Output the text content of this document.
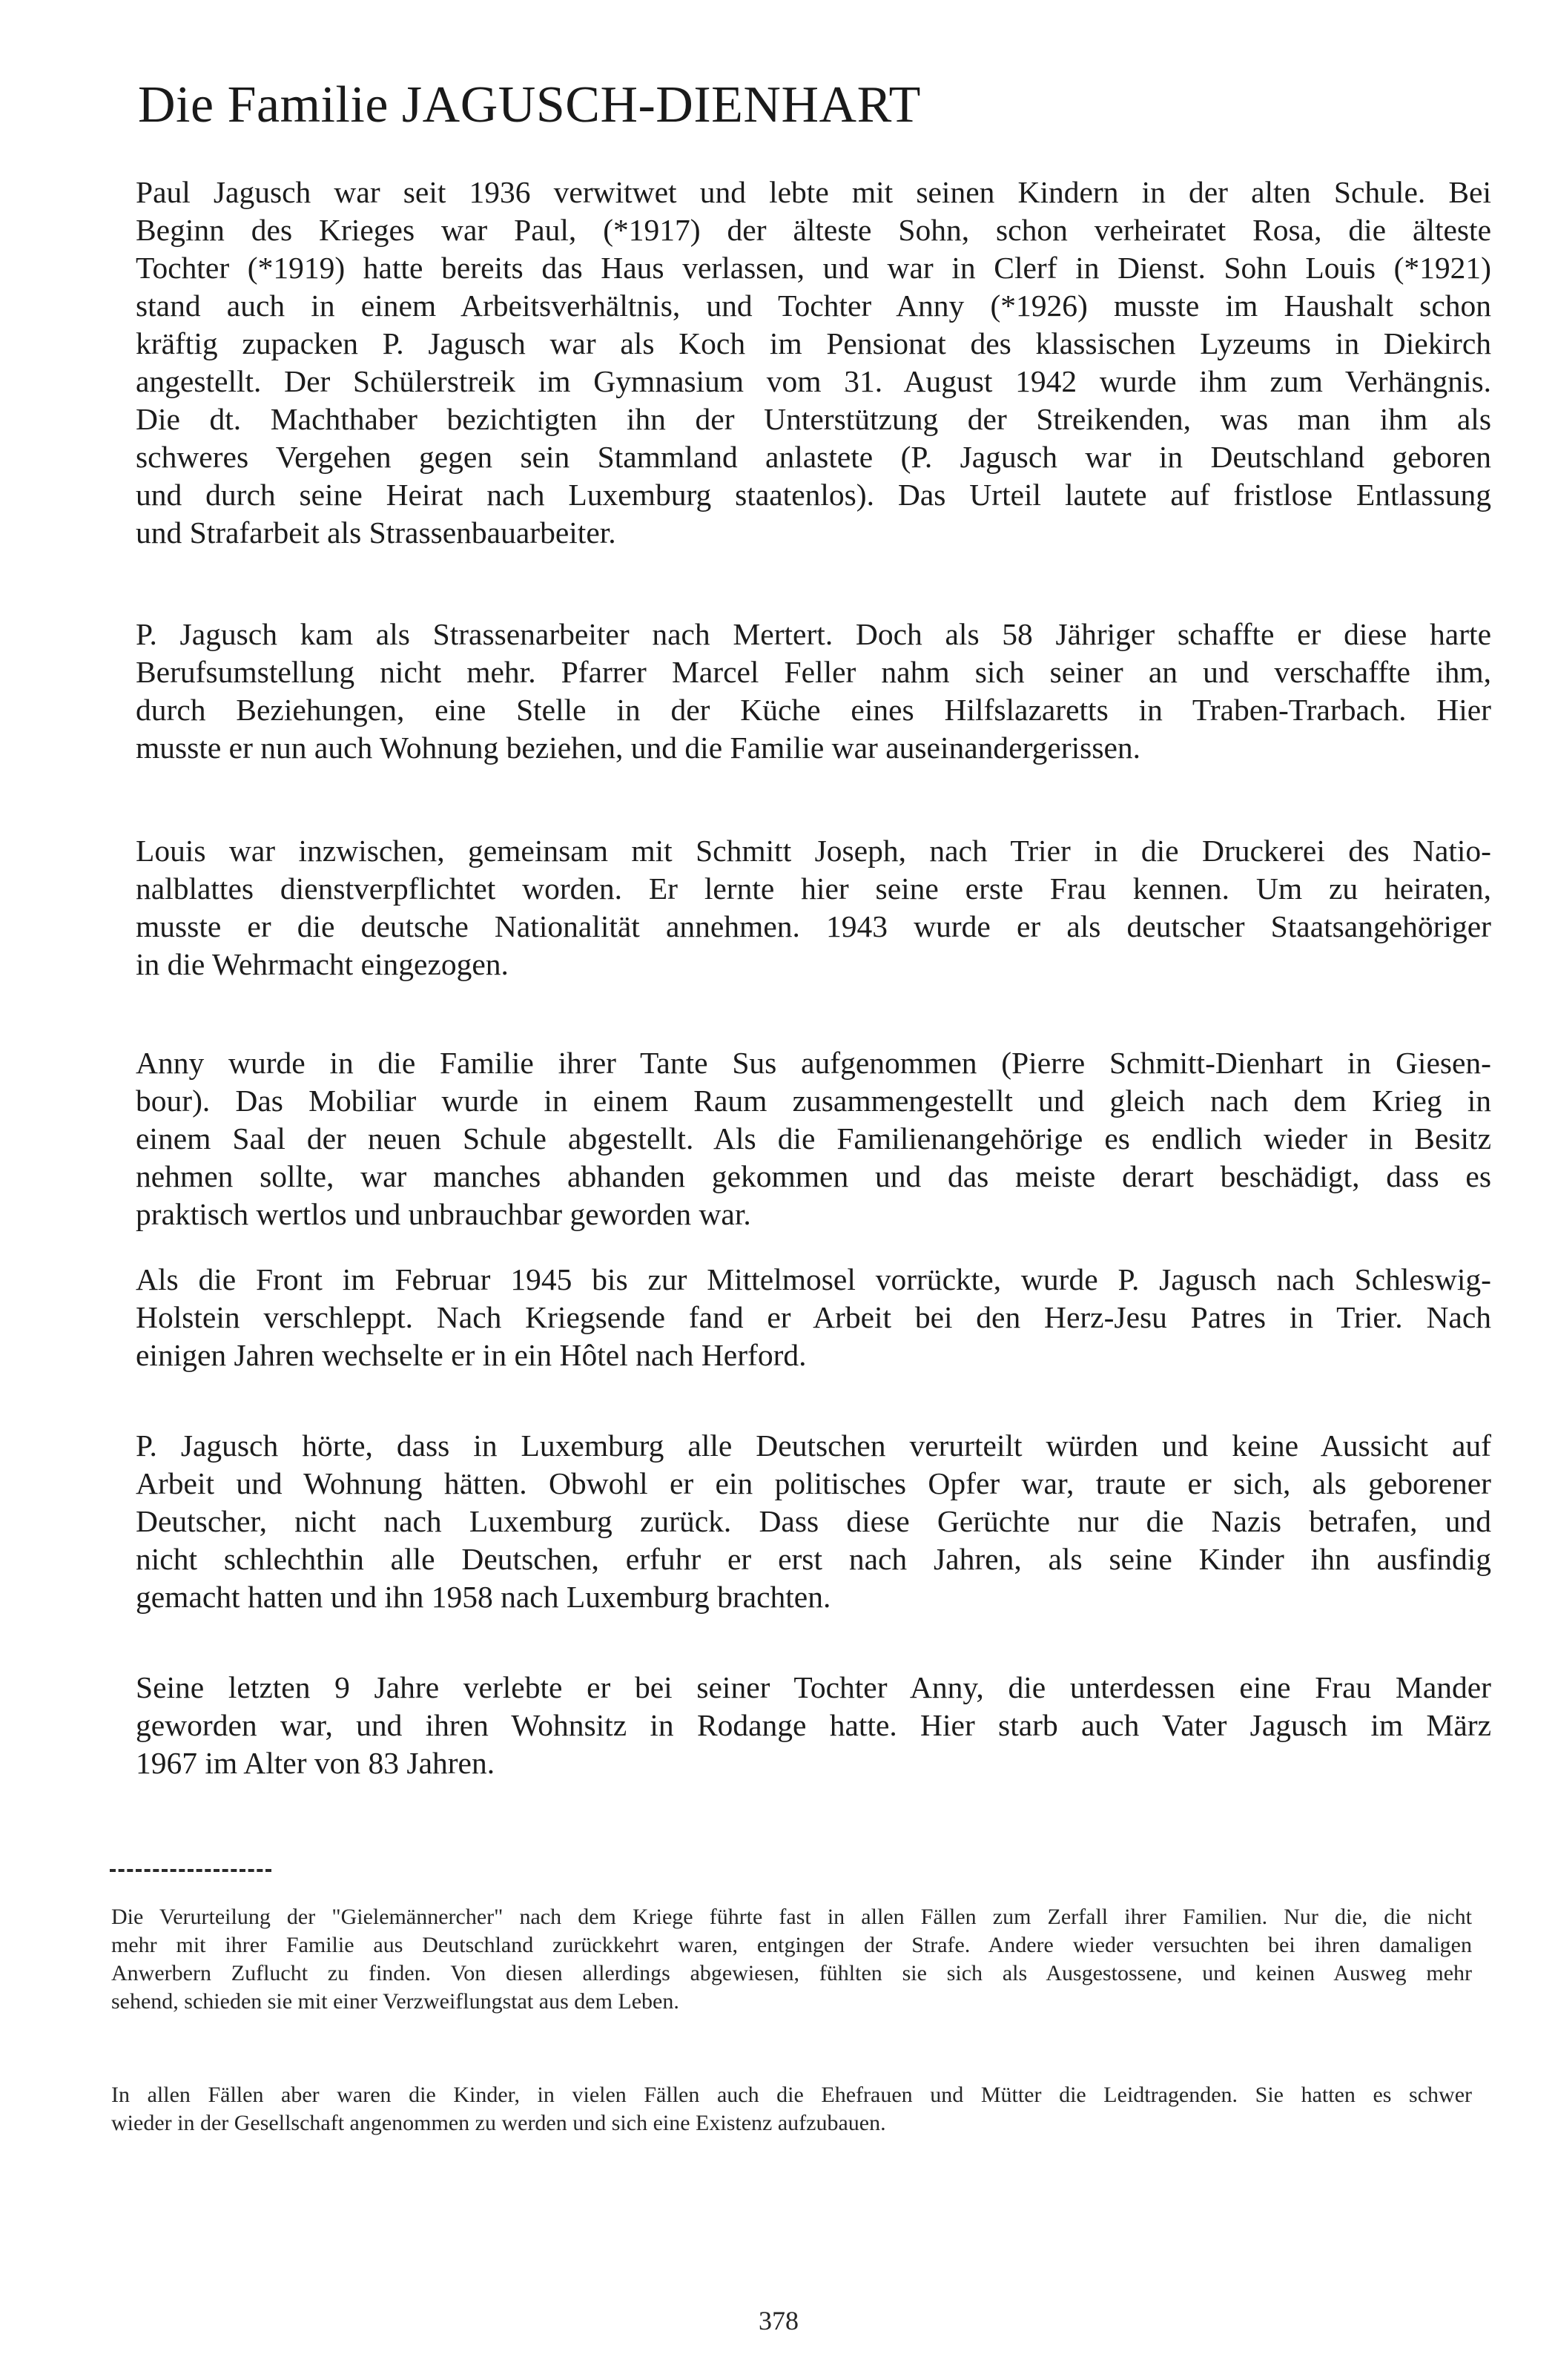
Die Familie JAGUSCH-DIENHART

Paul Jagusch war seit 1936 verwitwet und lebte mit seinen Kindern in der alten Schule. Bei
Beginn des Krieges war Paul, (*1917) der älteste Sohn, schon verheiratet Rosa, die älteste
Tochter (*1919) hatte bereits das Haus verlassen, und war in Clerf in Dienst. Sohn Louis (*1921)
stand auch in einem Arbeitsverhältnis, und Tochter Anny (*1926) musste im Haushalt schon
kräftig zupacken P. Jagusch war als Koch im Pensionat des klassischen Lyzeums in Diekirch
angestellt. Der Schülerstreik im Gymnasium vom 31. August 1942 wurde ihm zum Verhängnis.
Die dt. Machthaber bezichtigten ihn der Unterstützung der Streikenden, was man ihm als
schweres Vergehen gegen sein Stammland anlastete (P. Jagusch war in Deutschland geboren
und durch seine Heirat nach Luxemburg staatenlos). Das Urteil lautete auf fristlose Entlassung
und Strafarbeit als Strassenbauarbeiter.

P. Jagusch kam als Strassenarbeiter nach Mertert. Doch als 58 Jähriger schaffte er diese harte
Berufsumstellung nicht mehr. Pfarrer Marcel Feller nahm sich seiner an und verschaffte ihm,
durch Beziehungen, eine Stelle in der Küche eines Hilfslazaretts in Traben-Trarbach. Hier
musste er nun auch Wohnung beziehen, und die Familie war auseinandergerissen.

Louis war inzwischen, gemeinsam mit Schmitt Joseph, nach Trier in die Druckerei des Natio-
nalblattes dienstverpflichtet worden. Er lernte hier seine erste Frau kennen. Um zu heiraten,
musste er die deutsche Nationalität annehmen. 1943 wurde er als deutscher Staatsangehöriger
in die Wehrmacht eingezogen.

Anny wurde in die Familie ihrer Tante Sus aufgenommen (Pierre Schmitt-Dienhart in Giesen-
bour). Das Mobiliar wurde in einem Raum zusammengestellt und gleich nach dem Krieg in
einem Saal der neuen Schule abgestellt. Als die Familienangehörige es endlich wieder in Besitz
nehmen sollte, war manches abhanden gekommen und das meiste derart beschädigt, dass es
praktisch wertlos und unbrauchbar geworden war.

Als die Front im Februar 1945 bis zur Mittelmosel vorrückte, wurde P. Jagusch nach Schleswig-
Holstein verschleppt. Nach Kriegsende fand er Arbeit bei den Herz-Jesu Patres in Trier. Nach
einigen Jahren wechselte er in ein Hôtel nach Herford.

P. Jagusch hörte, dass in Luxemburg alle Deutschen verurteilt würden und keine Aussicht auf
Arbeit und Wohnung hätten. Obwohl er ein politisches Opfer war, traute er sich, als geborener
Deutscher, nicht nach Luxemburg zurück. Dass diese Gerüchte nur die Nazis betrafen, und
nicht schlechthin alle Deutschen, erfuhr er erst nach Jahren, als seine Kinder ihn ausfindig
gemacht hatten und ihn 1958 nach Luxemburg brachten.

Seine letzten 9 Jahre verlebte er bei seiner Tochter Anny, die unterdessen eine Frau Mander
geworden war, und ihren Wohnsitz in Rodange hatte. Hier starb auch Vater Jagusch im März
1967 im Alter von 83 Jahren.

Die Verurteilung der "Gielemännercher" nach dem Kriege führte fast in allen Fällen zum Zerfall ihrer Familien. Nur die, die nicht
mehr mit ihrer Familie aus Deutschland zurückkehrt waren, entgingen der Strafe. Andere wieder versuchten bei ihren damaligen
Anwerbern Zuflucht zu finden. Von diesen allerdings abgewiesen, fühlten sie sich als Ausgestossene, und keinen Ausweg mehr
sehend, schieden sie mit einer Verzweiflungstat aus dem Leben.

In allen Fällen aber waren die Kinder, in vielen Fällen auch die Ehefrauen und Mütter die Leidtragenden. Sie hatten es schwer
wieder in der Gesellschaft angenommen zu werden und sich eine Existenz aufzubauen.

378
